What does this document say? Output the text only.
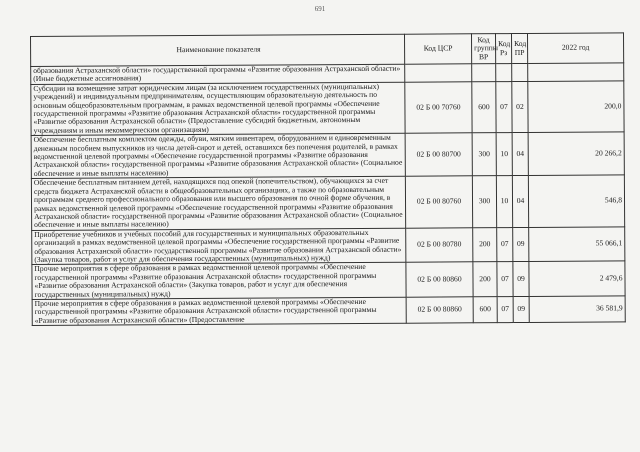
691
Наименование показателя	Код ЦСР	Код группы ВР	Код Рз	Код ПР	2022 год
образования Астраханской области» государственной программы «Развитие образования Астраханской области» (Иные бюджетные ассигнования)					
Субсидии на возмещение затрат юридическим лицам (за исключением государственных (муниципальных) учреждений) и индивидуальным предпринимателям, осуществляющим образовательную деятельность по основным общеобразовательным программам, в рамках ведомственной целевой программы «Обеспечение государственной программы «Развитие образования Астраханской области» государственной программы «Развитие образования Астраханской области» (Предоставление субсидий бюджетным, автономным учреждениям и иным некоммерческим организациям)	02 Б 00 70760	600	07	02	200,0
Обеспечение бесплатным комплектом одежды, обуви, мягким инвентарем, оборудованием и единовременным денежным пособием выпускников из числа детей-сирот и детей, оставшихся без попечения родителей, в рамках ведомственной целевой программы «Обеспечение государственной программы «Развитие образования Астраханской области» государственной программы «Развитие образования Астраханской области» (Социальное обеспечение и иные выплаты населению)	02 Б 00 80700	300	10	04	20 266,2
Обеспечение бесплатным питанием детей, находящихся под опекой (попечительством), обучающихся за счет средств бюджета Астраханской области в общеобразовательных организациях, а также по образовательным программам среднего профессионального образования или высшего образования по очной форме обучения, в рамках ведомственной целевой программы «Обеспечение государственной программы «Развитие образования Астраханской области» государственной программы «Развитие образования Астраханской области» (Социальное обеспечение и иные выплаты населению)	02 Б 00 80760	300	10	04	546,8
Приобретение учебников и учебных пособий для государственных и муниципальных образовательных организаций в рамках ведомственной целевой программы «Обеспечение государственной программы «Развитие образования Астраханской области» государственной программы «Развитие образования Астраханской области» (Закупка товаров, работ и услуг для обеспечения государственных (муниципальных) нужд)	02 Б 00 80780	200	07	09	55 066,1
Прочие мероприятия в сфере образования в рамках ведомственной целевой программы «Обеспечение государственной программы «Развитие образования Астраханской области» государственной программы «Развитие образования Астраханской области» (Закупка товаров, работ и услуг для обеспечения государственных (муниципальных) нужд)	02 Б 00 80860	200	07	09	2 479,6
Прочие мероприятия в сфере образования в рамках ведомственной целевой программы «Обеспечение государственной программы «Развитие образования Астраханской области» государственной программы «Развитие образования Астраханской области» (Предоставление	02 Б 00 80860	600	07	09	36 581,9
